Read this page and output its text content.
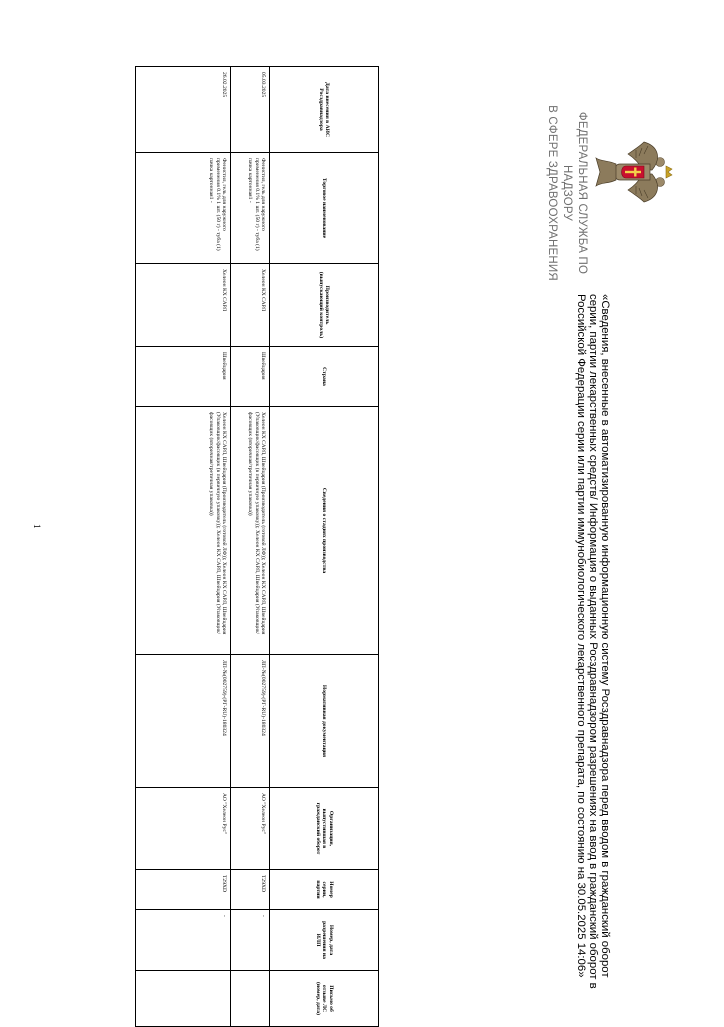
ФЕДЕРАЛЬНАЯ СЛУЖБА ПО НАДЗОРУ
В СФЕРЕ ЗДРАВООХРАНЕНИЯ
«Сведения, внесенные в автоматизированную информационную систему Росздравнадзора перед вводом в гражданский оборот серии, партии лекарственных средств/ Информация о выданных Росздравнадзором разрешениях на ввод в гражданский оборот в Российской Федерации серии или партии иммунобиологического лекарственного препарата, по состоянию на 30.05.2025 14:06»
Дата внесения в АИС Росздравнадзора	Торговое наименование	Производитель (выпускающий контроль)	Страна	Сведения о стадиях производства	Нормативная документация	Организация, выпустившая в гражданский оборот	Номер серии, партии	Номер, дата разрешения на ИЛП	Письмо об отзыве ЛС (номер, дата)
05.03.2025	Фенистил, гель для наружного применения 0.1% 1 шт. (50 г) - туба (1) пачка картонная1 -	Хелеон КХ САРЛ	Швейцария	Хелеон КХ САРЛ, Швейцария (Производитель (готовой ЛФ)); Хелеон КХ САРЛ, Швейцария (Упаковщик/фасовщик (в первичную упаковку)); Хелеон КХ САРЛ, Швейцария (Упаковщик/фасовщик (вторичная/третичная упаковка))	ЛП-№(002759)-(РГ-RU)-180324	АО "Хелеон Рус"	T29XD	-	
26.02.2025	Фенистил, гель для наружного применения 0.1% 1 шт. (50 г) - туба (1) пачка картонная1 -	Хелеон КХ САРЛ	Швейцария	Хелеон КХ САРЛ, Швейцария (Производитель (готовой ЛФ)); Хелеон КХ САРЛ, Швейцария (Упаковщик/фасовщик (в первичную упаковку)); Хелеон КХ САРЛ, Швейцария (Упаковщик/фасовщик (вторичная/третичная упаковка))	ЛП-№(002759)-(РГ-RU)-180324	АО "Хелеон Рус"	T29XD	-	
1
